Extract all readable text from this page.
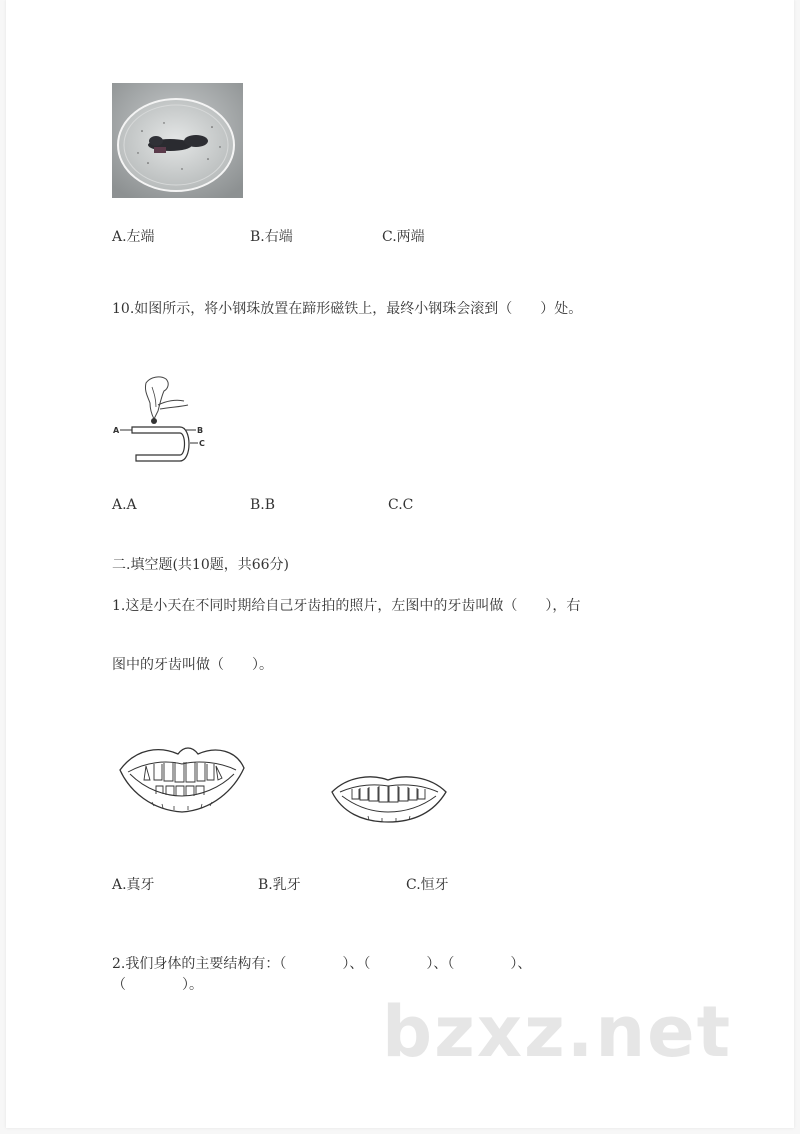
A.左端	B.右端	C.两端
10.如图所示，将小钢珠放置在蹄形磁铁上，最终小钢珠会滚到（　　）处。
A	B
C
A.A	B.B	C.C
二.填空题(共10题，共66分)
1.这是小天在不同时期给自己牙齿拍的照片，左图中的牙齿叫做（　　），右
图中的牙齿叫做（　　）。
A.真牙	B.乳牙	C.恒牙
2.我们身体的主要结构有：（　　　　）、（　　　　）、（　　　　）、
（　　　　）。
bzxz.net
